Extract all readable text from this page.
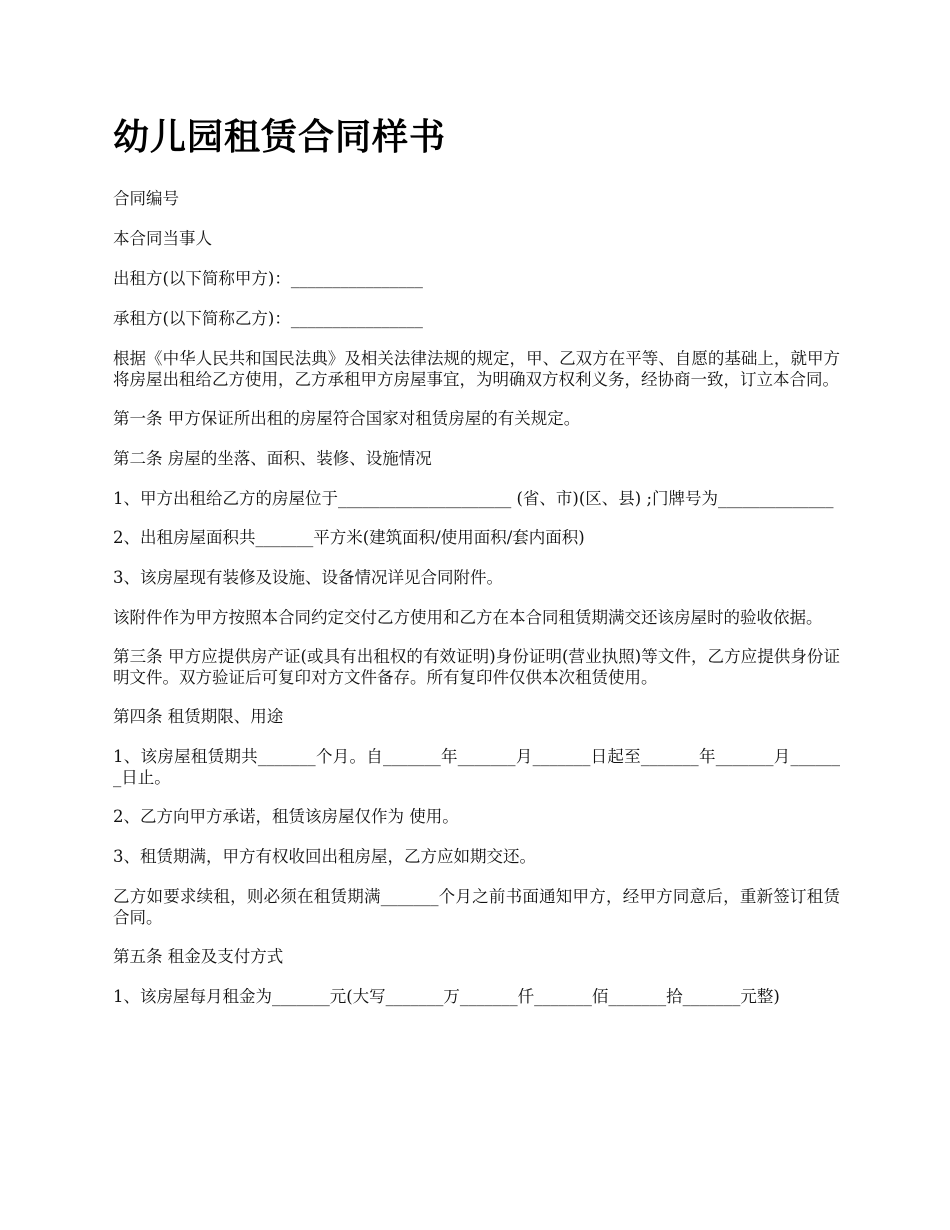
幼儿园租赁合同样书

合同编号

本合同当事人

出租方(以下简称甲方)：________________

承租方(以下简称乙方)：________________

根据《中华人民共和国民法典》及相关法律法规的规定，甲、乙双方在平等、自愿的基础上，就甲方将房屋出租给乙方使用，乙方承租甲方房屋事宜，为明确双方权利义务，经协商一致，订立本合同。

第一条 甲方保证所出租的房屋符合国家对租赁房屋的有关规定。

第二条 房屋的坐落、面积、装修、设施情况

1、甲方出租给乙方的房屋位于_____________________ (省、市)(区、县) ;门牌号为______________

2、出租房屋面积共_______平方米(建筑面积/使用面积/套内面积)

3、该房屋现有装修及设施、设备情况详见合同附件。

该附件作为甲方按照本合同约定交付乙方使用和乙方在本合同租赁期满交还该房屋时的验收依据。

第三条 甲方应提供房产证(或具有出租权的有效证明)身份证明(营业执照)等文件，乙方应提供身份证明文件。双方验证后可复印对方文件备存。所有复印件仅供本次租赁使用。

第四条 租赁期限、用途

1、该房屋租赁期共_______个月。自_______年_______月_______日起至_______年_______月_______日止。

2、乙方向甲方承诺，租赁该房屋仅作为 使用。

3、租赁期满，甲方有权收回出租房屋，乙方应如期交还。

乙方如要求续租，则必须在租赁期满_______个月之前书面通知甲方，经甲方同意后，重新签订租赁合同。

第五条 租金及支付方式

1、该房屋每月租金为_______元(大写_______万_______仟_______佰_______拾_______元整)
